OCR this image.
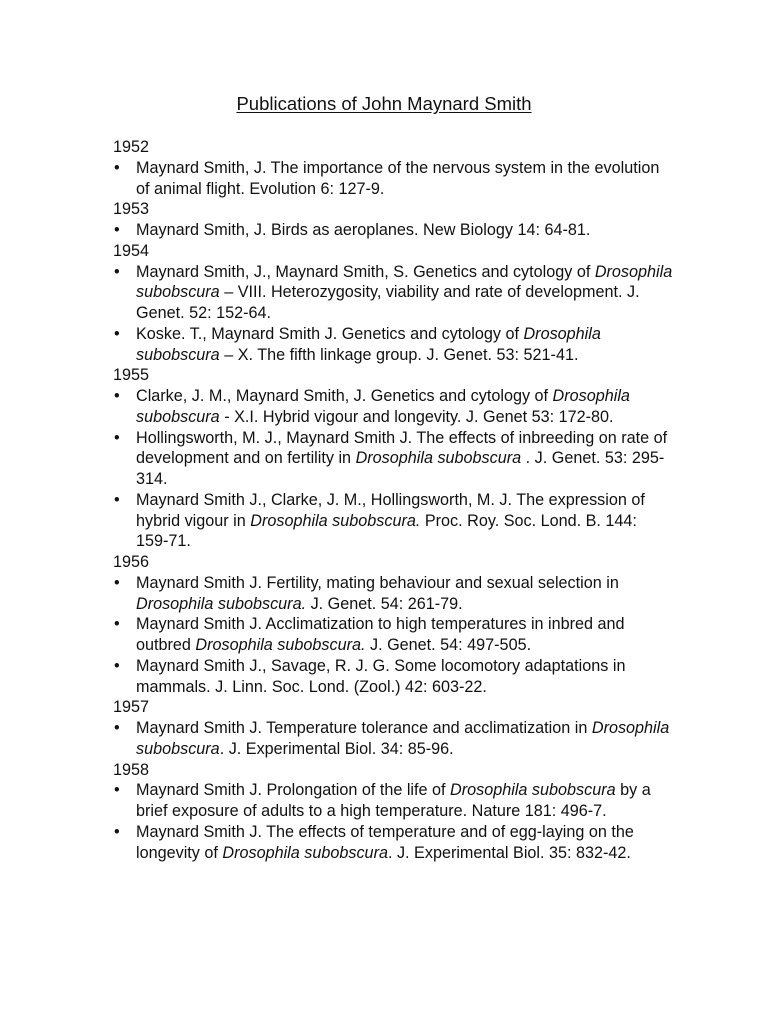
Publications of John Maynard Smith
1952
• Maynard Smith, J. The importance of the nervous system in the evolution of animal flight. Evolution 6: 127-9.
1953
• Maynard Smith, J. Birds as aeroplanes. New Biology 14: 64-81.
1954
• Maynard Smith, J., Maynard Smith, S. Genetics and cytology of Drosophila subobscura – VIII. Heterozygosity, viability and rate of development. J. Genet. 52: 152-64.
• Koske. T., Maynard Smith J. Genetics and cytology of Drosophila subobscura – X. The fifth linkage group. J. Genet. 53: 521-41.
1955
• Clarke, J. M., Maynard Smith, J. Genetics and cytology of Drosophila subobscura - X.I. Hybrid vigour and longevity. J. Genet 53: 172-80.
• Hollingsworth, M. J., Maynard Smith J. The effects of inbreeding on rate of development and on fertility in Drosophila subobscura . J. Genet. 53: 295-314.
• Maynard Smith J., Clarke, J. M., Hollingsworth, M. J. The expression of hybrid vigour in Drosophila subobscura. Proc. Roy. Soc. Lond. B. 144: 159-71.
1956
• Maynard Smith J. Fertility, mating behaviour and sexual selection in Drosophila subobscura. J. Genet. 54: 261-79.
• Maynard Smith J. Acclimatization to high temperatures in inbred and outbred Drosophila subobscura. J. Genet. 54: 497-505.
• Maynard Smith J., Savage, R. J. G. Some locomotory adaptations in mammals. J. Linn. Soc. Lond. (Zool.) 42: 603-22.
1957
• Maynard Smith J. Temperature tolerance and acclimatization in Drosophila subobscura. J. Experimental Biol. 34: 85-96.
1958
• Maynard Smith J. Prolongation of the life of Drosophila subobscura by a brief exposure of adults to a high temperature. Nature 181: 496-7.
• Maynard Smith J. The effects of temperature and of egg-laying on the longevity of Drosophila subobscura. J. Experimental Biol. 35: 832-42.
